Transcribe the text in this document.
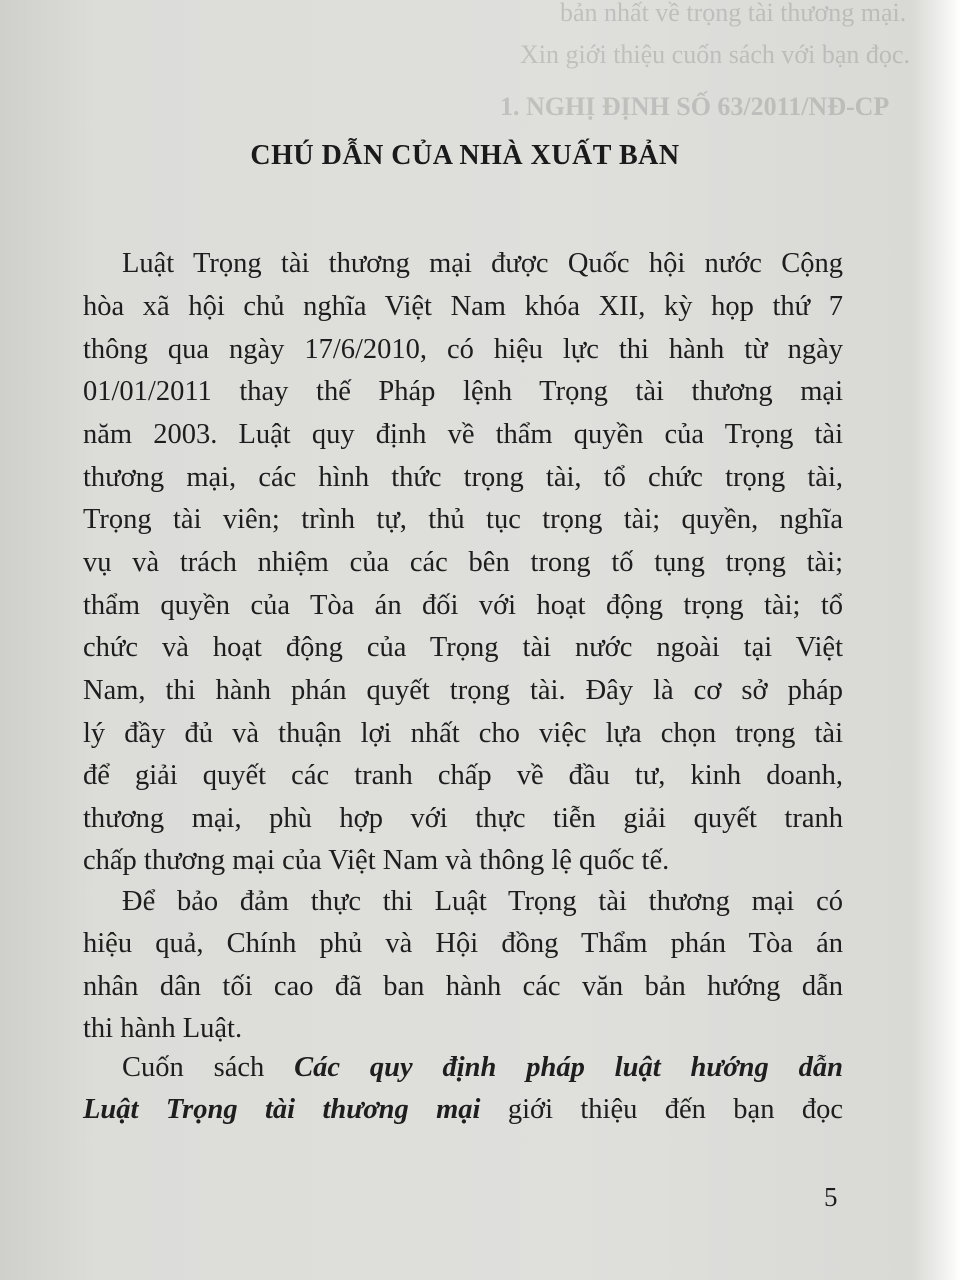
bản nhất về trọng tài thương mại.
Xin giới thiệu cuốn sách với bạn đọc.
1. NGHỊ ĐỊNH SỐ 63/2011/NĐ-CP
CHÚ DẪN CỦA NHÀ XUẤT BẢN
Luật Trọng tài thương mại được Quốc hội nước Cộng
hòa xã hội chủ nghĩa Việt Nam khóa XII, kỳ họp thứ 7
thông qua ngày 17/6/2010, có hiệu lực thi hành từ ngày
01/01/2011 thay thế Pháp lệnh Trọng tài thương mại
năm 2003. Luật quy định về thẩm quyền của Trọng tài
thương mại, các hình thức trọng tài, tổ chức trọng tài,
Trọng tài viên; trình tự, thủ tục trọng tài; quyền, nghĩa
vụ và trách nhiệm của các bên trong tố tụng trọng tài;
thẩm quyền của Tòa án đối với hoạt động trọng tài; tổ
chức và hoạt động của Trọng tài nước ngoài tại Việt
Nam, thi hành phán quyết trọng tài. Đây là cơ sở pháp
lý đầy đủ và thuận lợi nhất cho việc lựa chọn trọng tài
để giải quyết các tranh chấp về đầu tư, kinh doanh,
thương mại, phù hợp với thực tiễn giải quyết tranh
chấp thương mại của Việt Nam và thông lệ quốc tế.
Để bảo đảm thực thi Luật Trọng tài thương mại có
hiệu quả, Chính phủ và Hội đồng Thẩm phán Tòa án
nhân dân tối cao đã ban hành các văn bản hướng dẫn
thi hành Luật.
Cuốn sách Các quy định pháp luật hướng dẫn
Luật Trọng tài thương mại giới thiệu đến bạn đọc
5
